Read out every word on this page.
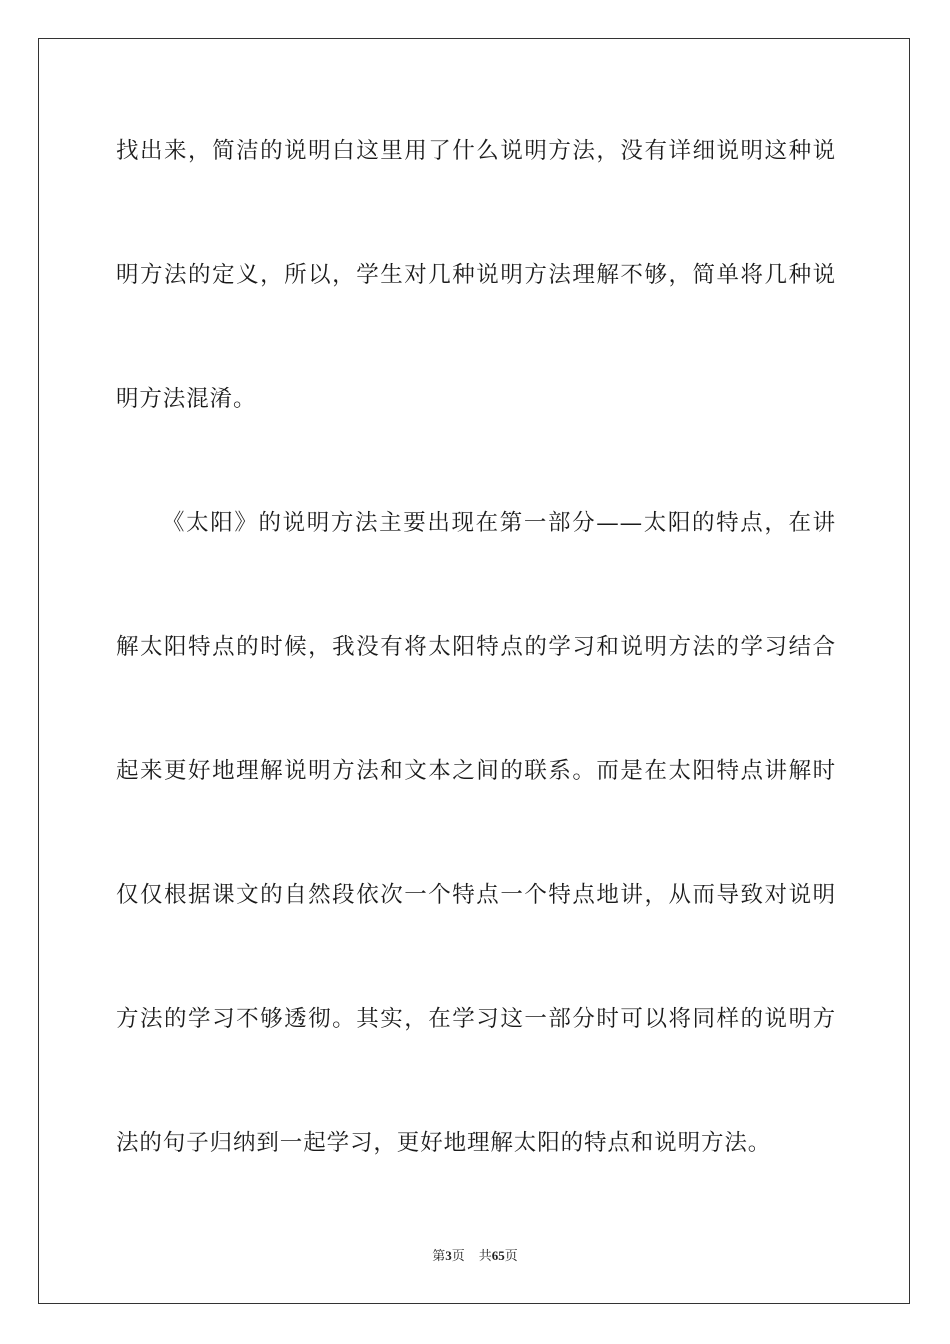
找出来，简洁的说明白这里用了什么说明方法，没有详细说明这种说
明方法的定义，所以，学生对几种说明方法理解不够，简单将几种说
明方法混淆。
《太阳》的说明方法主要出现在第一部分——太阳的特点，在讲
解太阳特点的时候，我没有将太阳特点的学习和说明方法的学习结合
起来更好地理解说明方法和文本之间的联系。而是在太阳特点讲解时
仅仅根据课文的自然段依次一个特点一个特点地讲，从而导致对说明
方法的学习不够透彻。其实，在学习这一部分时可以将同样的说明方
法的句子归纳到一起学习，更好地理解太阳的特点和说明方法。
第3页 共65页
